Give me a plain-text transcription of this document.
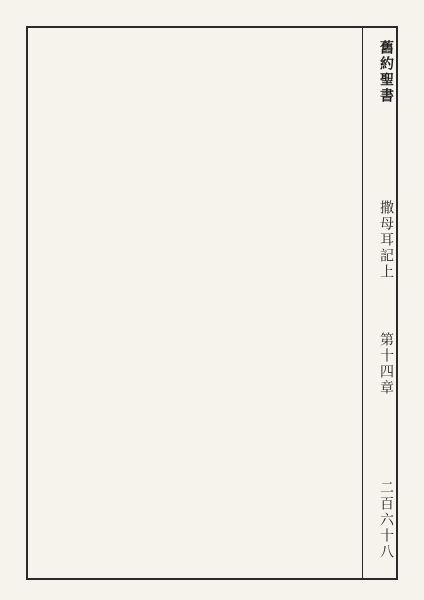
舊約聖書
撒母耳記上 　 第十四章
二百六十八
